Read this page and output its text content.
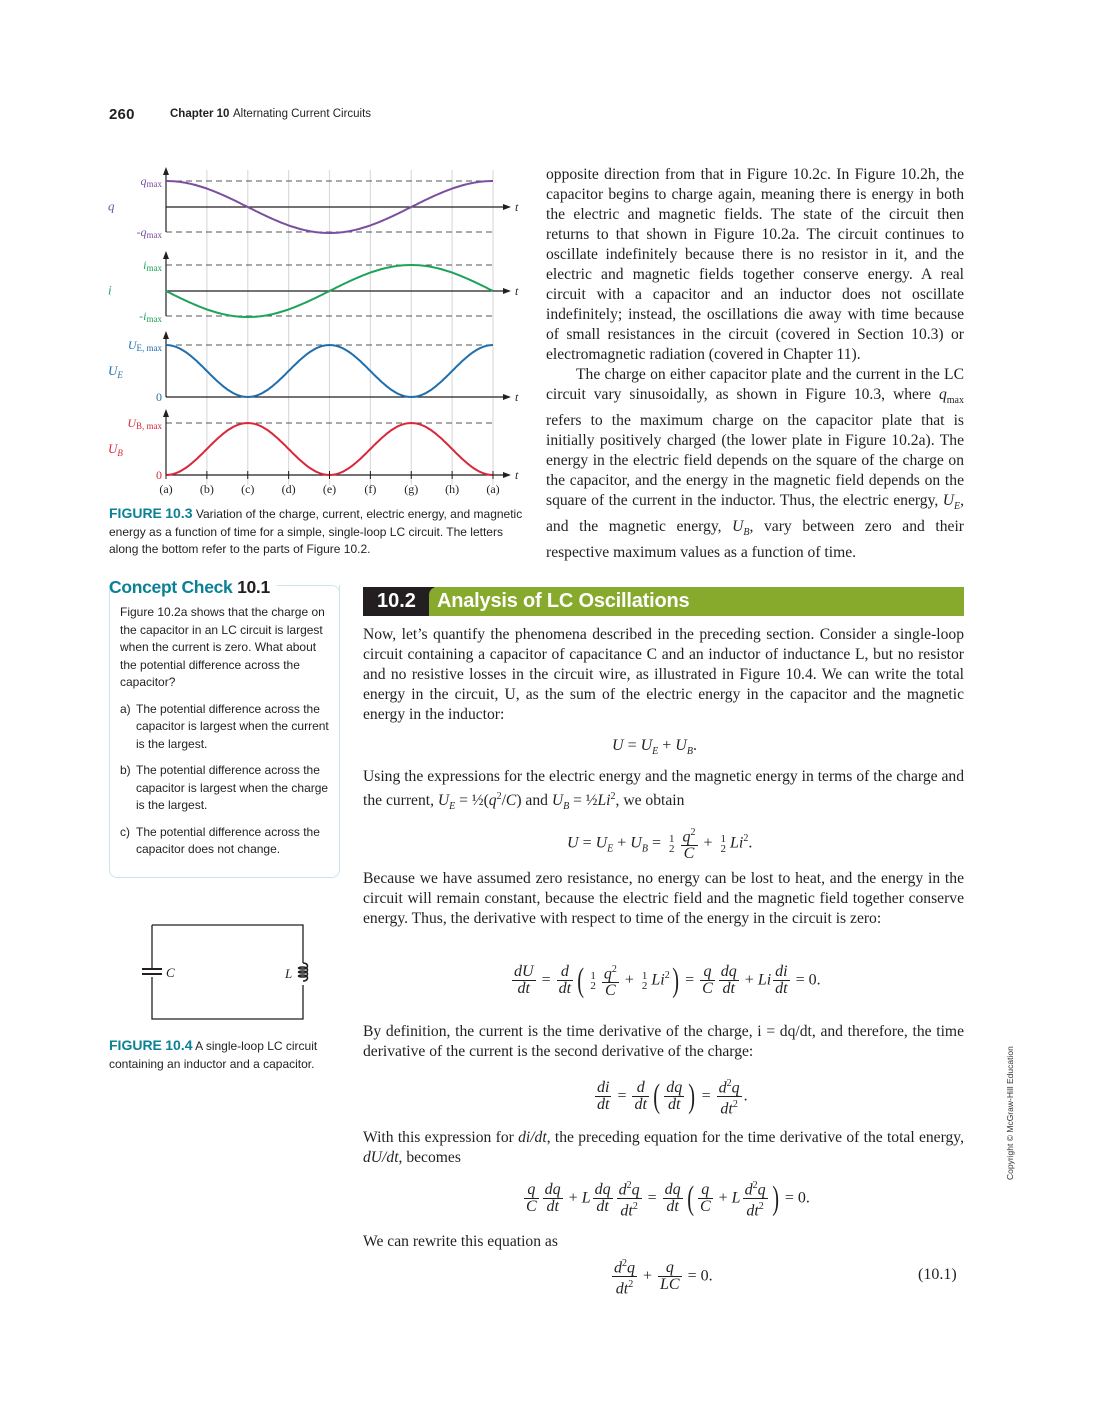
260	Chapter 10 Alternating Current Circuits
t
q
qmax
-qmax
t
i
imax
-imax
t
$U_E$
UE, max
0
t
$U_B$
UB, max
0
(a) (b) (c) (d) (e) (f) (g) (h) (a)
FIGURE 10.3 Variation of the charge, current, electric energy, and magnetic energy as a function of time for a simple, single-loop LC circuit. The letters along the bottom refer to the parts of Figure 10.2.

opposite direction from that in Figure 10.2c. In Figure 10.2h, the capacitor begins to charge again, meaning there is energy in both the electric and magnetic fields. The state of the circuit then returns to that shown in Figure 10.2a. The circuit continues to oscillate indefinitely because there is no resistor in it, and the electric and magnetic fields together conserve energy. A real circuit with a capacitor and an inductor does not oscillate indefinitely; instead, the oscillations die away with time because of small resistances in the circuit (covered in Section 10.3) or electromagnetic radiation (covered in Chapter 11).

The charge on either capacitor plate and the current in the LC circuit vary sinusoidally, as shown in Figure 10.3, where $q_{max}$ refers to the maximum charge on the capacitor plate that is initially positively charged (the lower plate in Figure 10.2a). The energy in the electric field depends on the square of the charge on the capacitor, and the energy in the magnetic field depends on the square of the current in the inductor. Thus, the electric energy, $U_E$, and the magnetic energy, $U_B$, vary between zero and their respective maximum values as a function of time.

Concept Check 10.1
Figure 10.2a shows that the charge on the capacitor in an LC circuit is largest when the current is zero. What about the potential difference across the capacitor?
a) The potential difference across the capacitor is largest when the current is the largest.
b) The potential difference across the capacitor is largest when the charge is the largest.
c) The potential difference across the capacitor does not change.
C	L
FIGURE 10.4 A single-loop LC circuit containing an inductor and a capacitor.
10.2 Analysis of LC Oscillations
Now, let’s quantify the phenomena described in the preceding section. Consider a single-loop circuit containing a capacitor of capacitance C and an inductor of inductance L, but no resistor and no resistive losses in the circuit wire, as illustrated in Figure 10.4. We can write the total energy in the circuit, U, as the sum of the electric energy in the capacitor and the magnetic energy in the inductor:
$U = U_E + U_B$.
Using the expressions for the electric energy and the magnetic energy in terms of the charge and the current, $U_E$ = $\frac{1}{2}(q^2/C)$ and $U_B$ = $\frac{1}{2}Li^2$, we obtain
$U = U_E + U_B = 1$
$2 \frac{q^2}{C} + 1$
2 Li$^2$.
Because we have assumed zero resistance, no energy can be lost to heat, and the energy in the circuit will remain constant, because the electric field and the magnetic field together conserve energy. Thus, the derivative with respect to time of the energy in the circuit is zero:
$\frac{dU}{dt} = \frac{d}{dt}$ ( 1
$2 \frac{q^2}{C} + 1$
2 $Li^2) = \frac{q}{C} \frac{dq}{dt} + Li \frac{di}{dt} = 0$.
By definition, the current is the time derivative of the charge, i = dq/dt, and therefore, the time derivative of the current is the second derivative of the charge:
$\frac{di}{dt} = \frac{d}{dt}$ ( $\frac{dq}{dt}$ ) = $\frac{d^2q}{dt^2}$ .
With this expression for di/dt, the preceding equation for the time derivative of the total energy, dU/dt, becomes
$\frac{q}{C} \frac{dq}{dt} + L \frac{dq}{dt} \frac{d^2q}{dt^2} = \frac{dq}{dt}$ ( $\frac{q}{C} + L \frac{d^2q}{dt^2}$ ) = 0.
We can rewrite this equation as
$\frac{d^2q}{dt^2} + \frac{q}{LC} = 0$.	(10.1)
Copyright © McGraw-Hill Education
